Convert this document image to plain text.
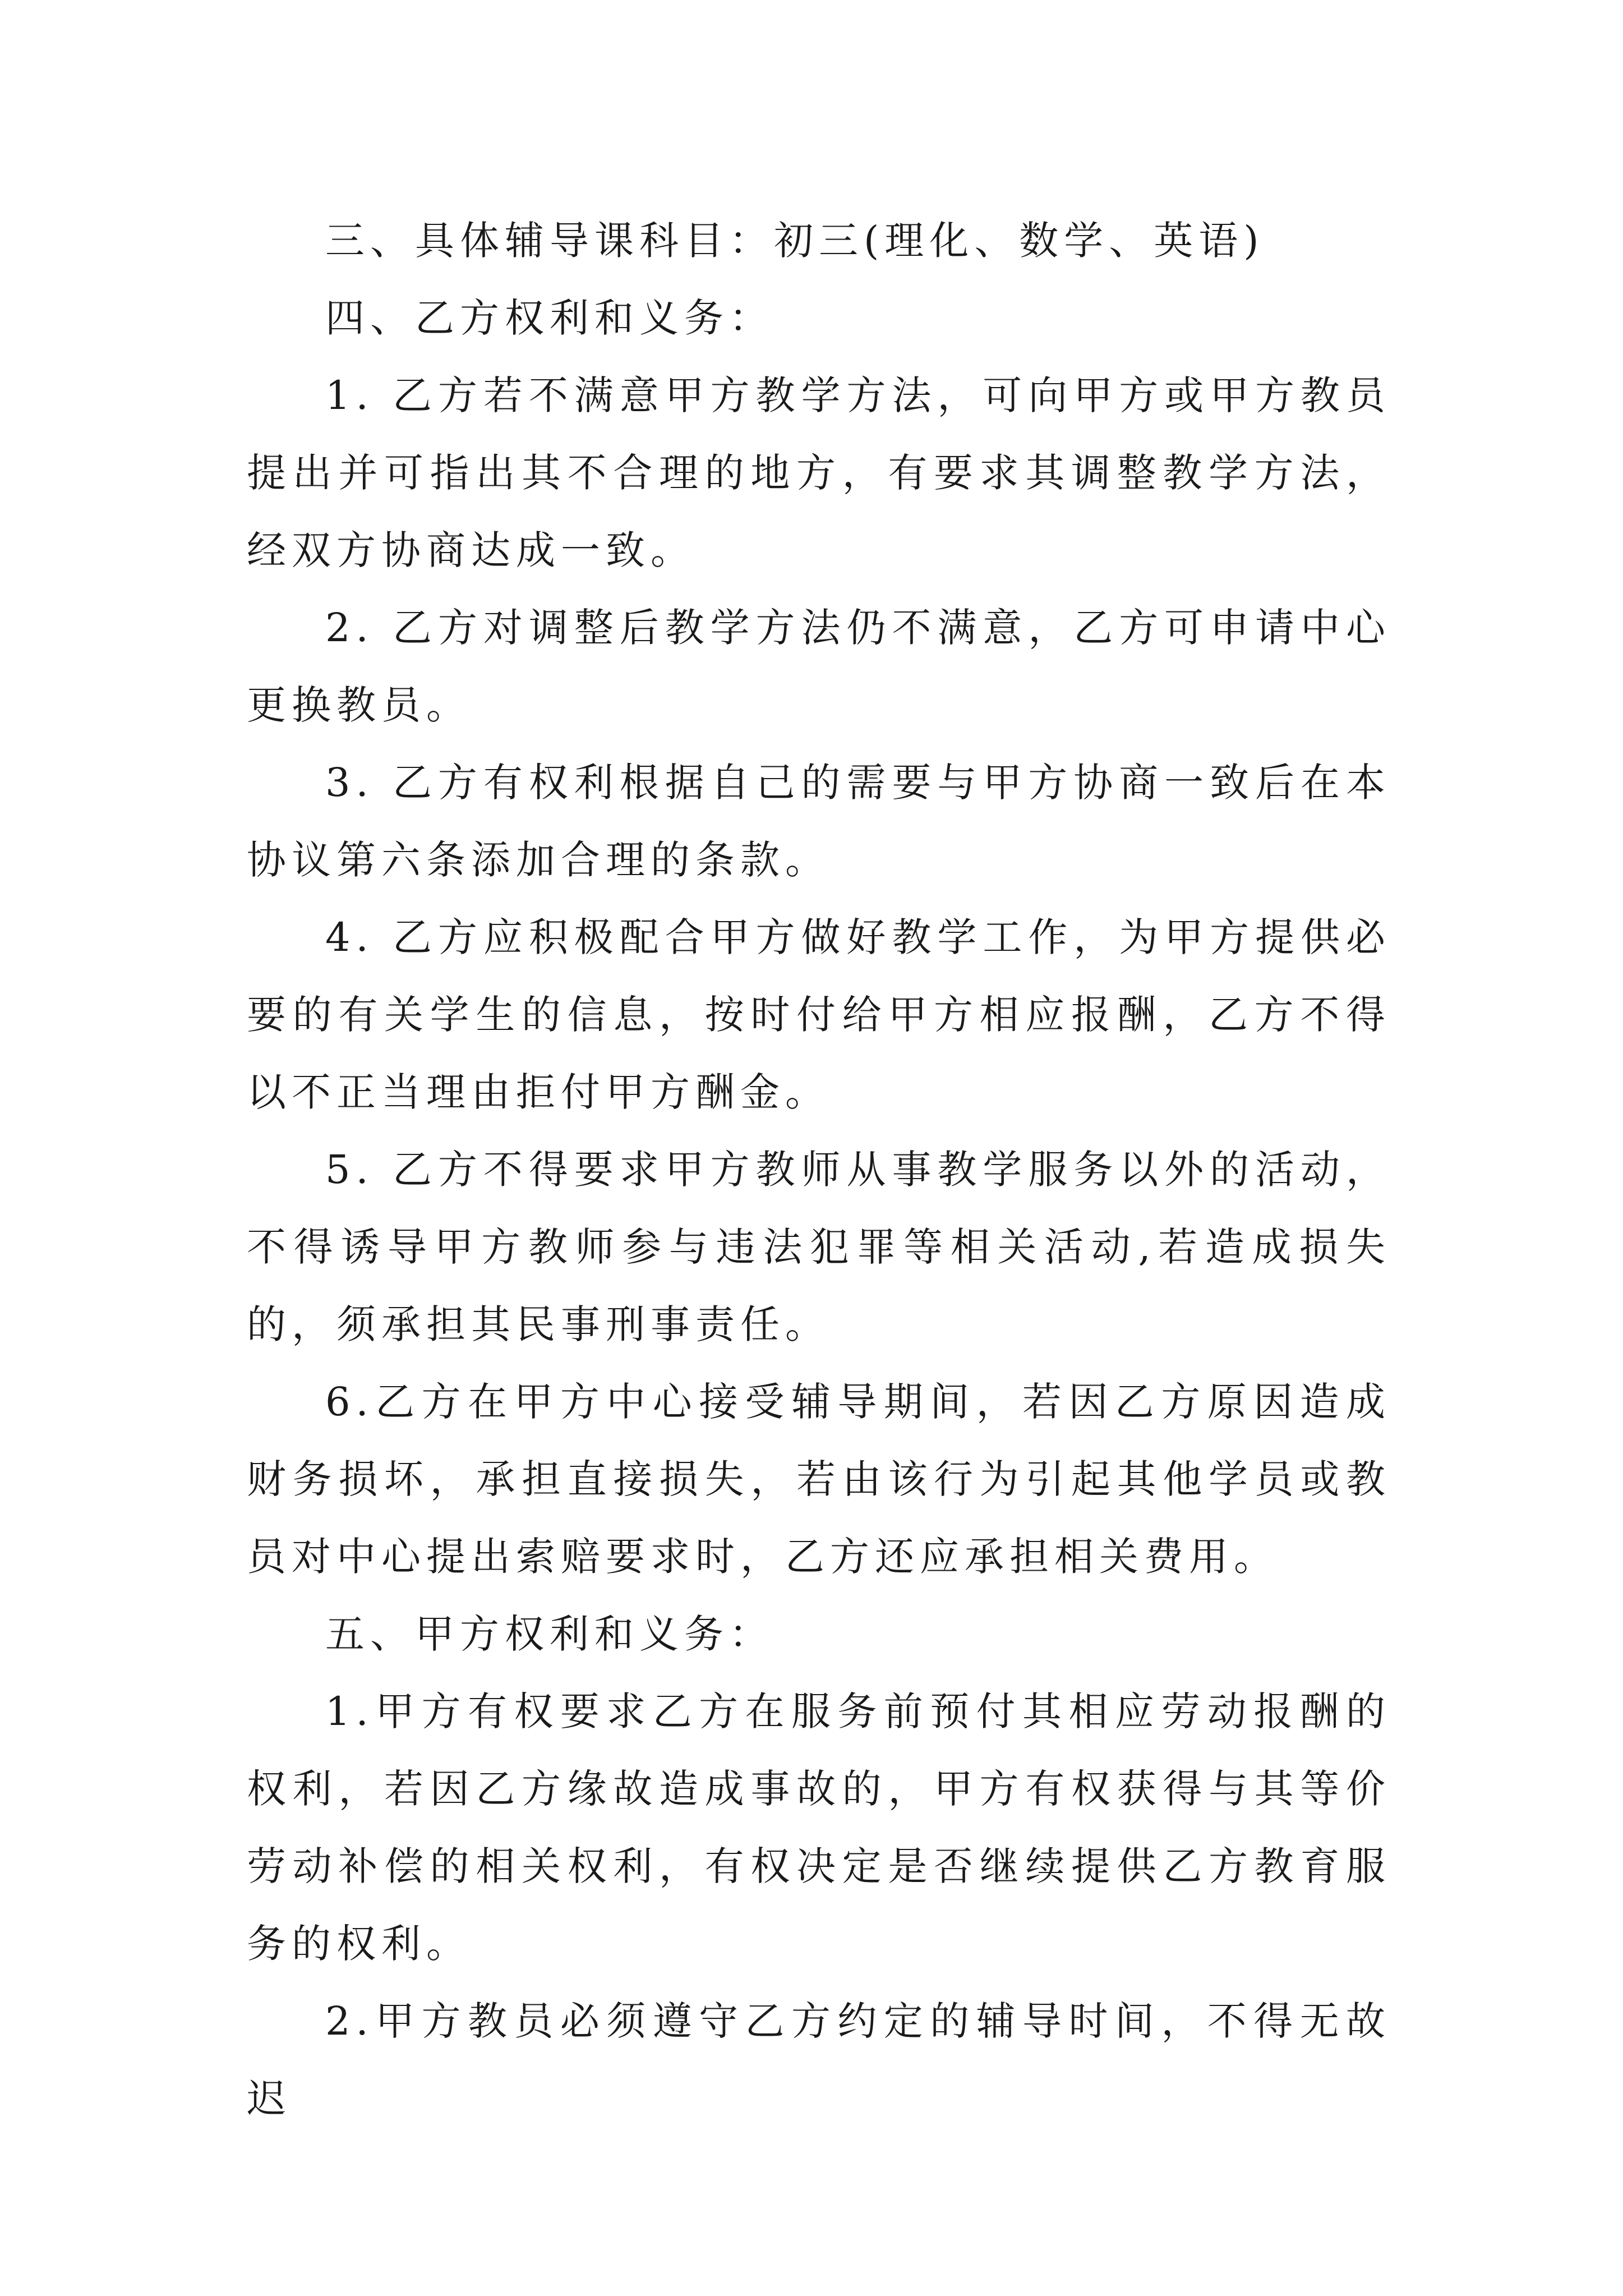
三、具体辅导课科目：初三(理化、数学、英语)

四、乙方权利和义务：

1. 乙方若不满意甲方教学方法，可向甲方或甲方教员提出并可指出其不合理的地方，有要求其调整教学方法，经双方协商达成一致。

2. 乙方对调整后教学方法仍不满意，乙方可申请中心更换教员。

3. 乙方有权利根据自己的需要与甲方协商一致后在本协议第六条添加合理的条款。

4. 乙方应积极配合甲方做好教学工作，为甲方提供必要的有关学生的信息，按时付给甲方相应报酬，乙方不得以不正当理由拒付甲方酬金。

5. 乙方不得要求甲方教师从事教学服务以外的活动，不得诱导甲方教师参与违法犯罪等相关活动,若造成损失的，须承担其民事刑事责任。

6.乙方在甲方中心接受辅导期间，若因乙方原因造成财务损坏，承担直接损失，若由该行为引起其他学员或教员对中心提出索赔要求时，乙方还应承担相关费用。

五、甲方权利和义务：

1.甲方有权要求乙方在服务前预付其相应劳动报酬的权利，若因乙方缘故造成事故的，甲方有权获得与其等价劳动补偿的相关权利，有权决定是否继续提供乙方教育服务的权利。

2.甲方教员必须遵守乙方约定的辅导时间，不得无故迟
